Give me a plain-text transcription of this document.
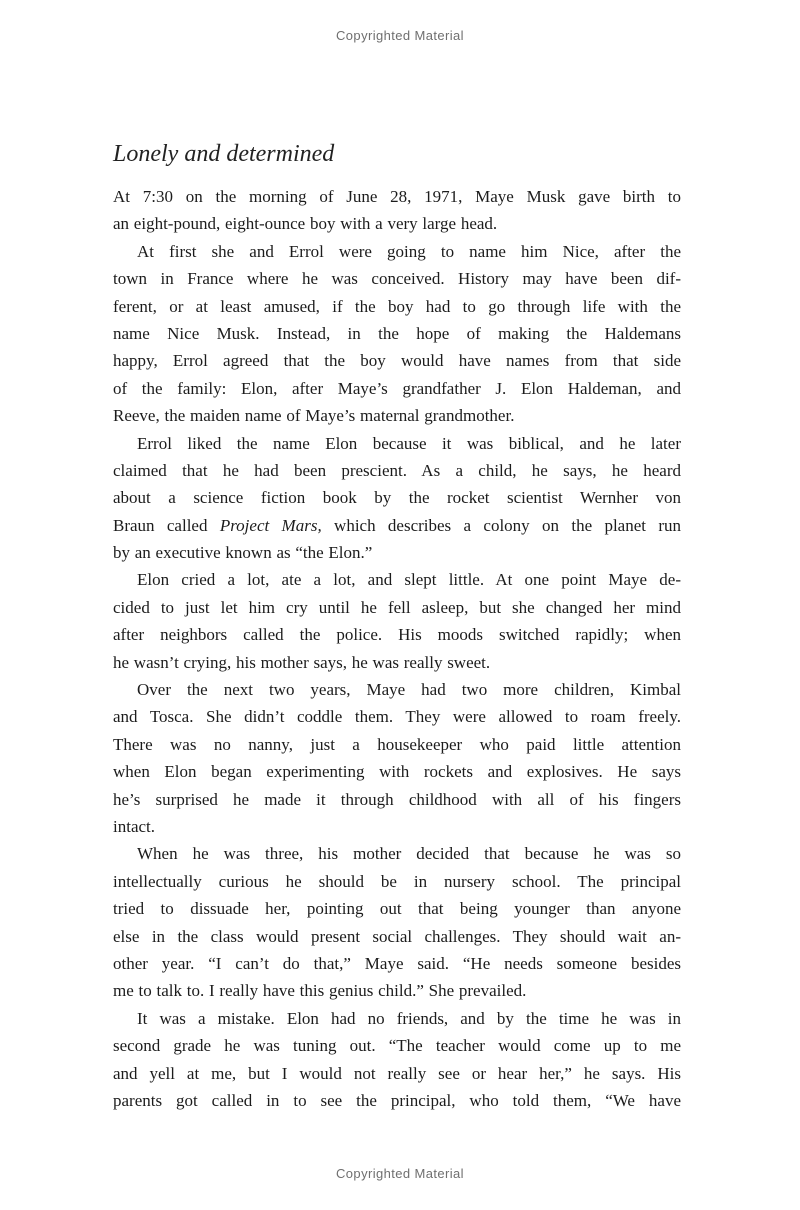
Copyrighted Material
Lonely and determined
At 7:30 on the morning of June 28, 1971, Maye Musk gave birth to
an eight-pound, eight-ounce boy with a very large head.
At first she and Errol were going to name him Nice, after the
town in France where he was conceived. History may have been dif-
ferent, or at least amused, if the boy had to go through life with the
name Nice Musk. Instead, in the hope of making the Haldemans
happy, Errol agreed that the boy would have names from that side
of the family: Elon, after Maye’s grandfather J. Elon Haldeman, and
Reeve, the maiden name of Maye’s maternal grandmother.
Errol liked the name Elon because it was biblical, and he later
claimed that he had been prescient. As a child, he says, he heard
about a science fiction book by the rocket scientist Wernher von
Braun called Project Mars, which describes a colony on the planet run
by an executive known as “the Elon.”
Elon cried a lot, ate a lot, and slept little. At one point Maye de-
cided to just let him cry until he fell asleep, but she changed her mind
after neighbors called the police. His moods switched rapidly; when
he wasn’t crying, his mother says, he was really sweet.
Over the next two years, Maye had two more children, Kimbal
and Tosca. She didn’t coddle them. They were allowed to roam freely.
There was no nanny, just a housekeeper who paid little attention
when Elon began experimenting with rockets and explosives. He says
he’s surprised he made it through childhood with all of his fingers
intact.
When he was three, his mother decided that because he was so
intellectually curious he should be in nursery school. The principal
tried to dissuade her, pointing out that being younger than anyone
else in the class would present social challenges. They should wait an-
other year. “I can’t do that,” Maye said. “He needs someone besides
me to talk to. I really have this genius child.” She prevailed.
It was a mistake. Elon had no friends, and by the time he was in
second grade he was tuning out. “The teacher would come up to me
and yell at me, but I would not really see or hear her,” he says. His
parents got called in to see the principal, who told them, “We have
Copyrighted Material
